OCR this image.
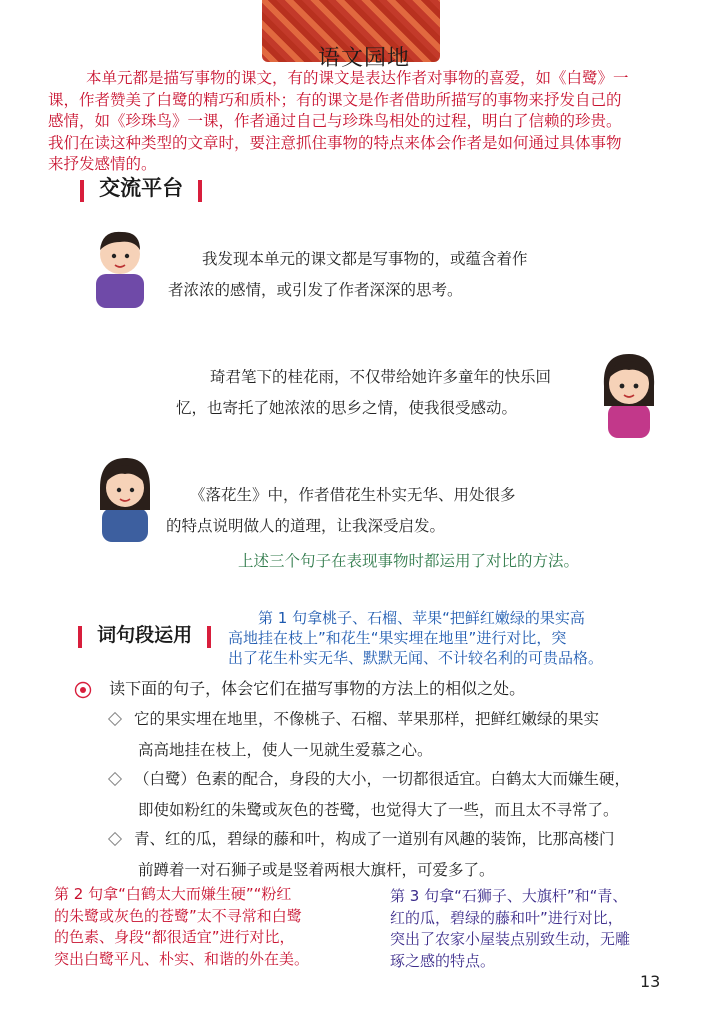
语文园地
本单元都是描写事物的课文，有的课文是表达作者对事物的喜爱，如《白鹭》一
课，作者赞美了白鹭的精巧和质朴；有的课文是作者借助所描写的事物来抒发自己的
感情，如《珍珠鸟》一课，作者通过自己与珍珠鸟相处的过程，明白了信赖的珍贵。
我们在读这种类型的文章时，要注意抓住事物的特点来体会作者是如何通过具体事物
来抒发感情的。
交流平台
我发现本单元的课文都是写事物的，或蕴含着作
者浓浓的感情，或引发了作者深深的思考。
琦君笔下的桂花雨，不仅带给她许多童年的快乐回
忆，也寄托了她浓浓的思乡之情，使我很受感动。
《落花生》中，作者借花生朴实无华、用处很多
的特点说明做人的道理，让我深受启发。
上述三个句子在表现事物时都运用了对比的方法。
词句段运用
第 1 句拿桃子、石榴、苹果“把鲜红嫩绿的果实高
高地挂在枝上”和花生“果实埋在地里”进行对比，突
出了花生朴实无华、默默无闻、不计较名利的可贵品格。
读下面的句子，体会它们在描写事物的方法上的相似之处。
它的果实埋在地里，不像桃子、石榴、苹果那样，把鲜红嫩绿的果实
高高地挂在枝上，使人一见就生爱慕之心。
（白鹭）色素的配合，身段的大小，一切都很适宜。白鹤太大而嫌生硬，
即使如粉红的朱鹭或灰色的苍鹭，也觉得大了一些，而且太不寻常了。
青、红的瓜，碧绿的藤和叶，构成了一道别有风趣的装饰，比那高楼门
前蹲着一对石狮子或是竖着两根大旗杆，可爱多了。
第 2 句拿“白鹤太大而嫌生硬”“粉红
的朱鹭或灰色的苍鹭”太不寻常和白鹭
的色素、身段“都很适宜”进行对比，
突出白鹭平凡、朴实、和谐的外在美。
第 3 句拿“石狮子、大旗杆”和“青、
红的瓜，碧绿的藤和叶”进行对比，
突出了农家小屋装点别致生动，无雕
琢之感的特点。
13
